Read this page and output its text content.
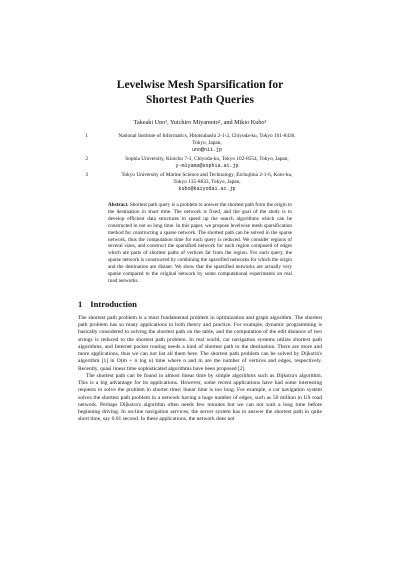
Levelwise Mesh Sparsification for
Shortest Path Queries
Takeaki Uno¹, Yuichiro Miyamoto², and Mikio Kubo³
1	National Institute of Informatics, Hitotsubashi 2-1-2, Chiyoda-ku, Tokyo 101-8430,
Tokyo, Japan,
uno@nii.jp
2	Sophia University, Kioicho 7-1, Chiyoda-ku, Tokyo 102-8554, Tokyo, Japan,
y-miyamo@sophia.ac.jp
3	Tokyo University of Marine Science and Technology, Etchujima 2-1-6, Koto-ku,
Tokyo 135-8633, Tokyo, Japan,
kubo@kaiyodai.ac.jp
Abstract. Shortest path query is a problem to answer the shortest path from the origin to the destination in short time. The network is fixed, and the goal of the study is to develop efficient data structures to speed up the search algorithms which can be constructed in not so long time. In this paper, we propose levelwise mesh sparsification method for constructing a sparse network. The shortest path can be solved in the sparse network, thus the computation time for each query is reduced. We consider regions of several sizes, and construct the sparsified network for each region composed of edges which are parts of shortest paths of vertices far from the region. For each query, the sparse network is constructed by combining the sparsified networks for which the origin and the destination are distant. We show that the sparsified networks are actually very sparse compared to the original network by some computational experiments on real road networks.
1 Introduction

The shortest path problem is a most fundamental problem in optimization and graph algorithm. The shortest path problem has so many applications in both theory and practice. For example, dynamic programming is basically considered to solving the shortest path on the table, and the computation of the edit distance of two strings is reduced to the shortest path problem. In real world, car navigation systems utilize shortest path algorithms, and Internet packet routing needs a kind of shortest path to the destination. There are more and more applications, thus we can not list all them here. The shortest path problem can be solved by Dijkstra's algorithm [1] in O(m + n log n) time where n and m are the number of vertices and edges, respectively. Recently, quasi linear time sophisticated algorithms have been proposed [2].

The shortest path can be found in almost linear time by simple algorithms such as Dijkstra's algorithm. This is a big advantage for its applications. However, some recent applications have had some interesting requests to solve the problem in shorter time; linear time is too long. For example, a car navigation system solves the shortest path problem in a network having a huge number of edges, such as 50 million in US road network. Perhaps Dijkstra's algorithm often needs few minutes but we can not wait a long time before beginning driving. In on-line navigation services, the server system has to answer the shortest path in quite short time, say 0.01 second. In these applications, the network does not
